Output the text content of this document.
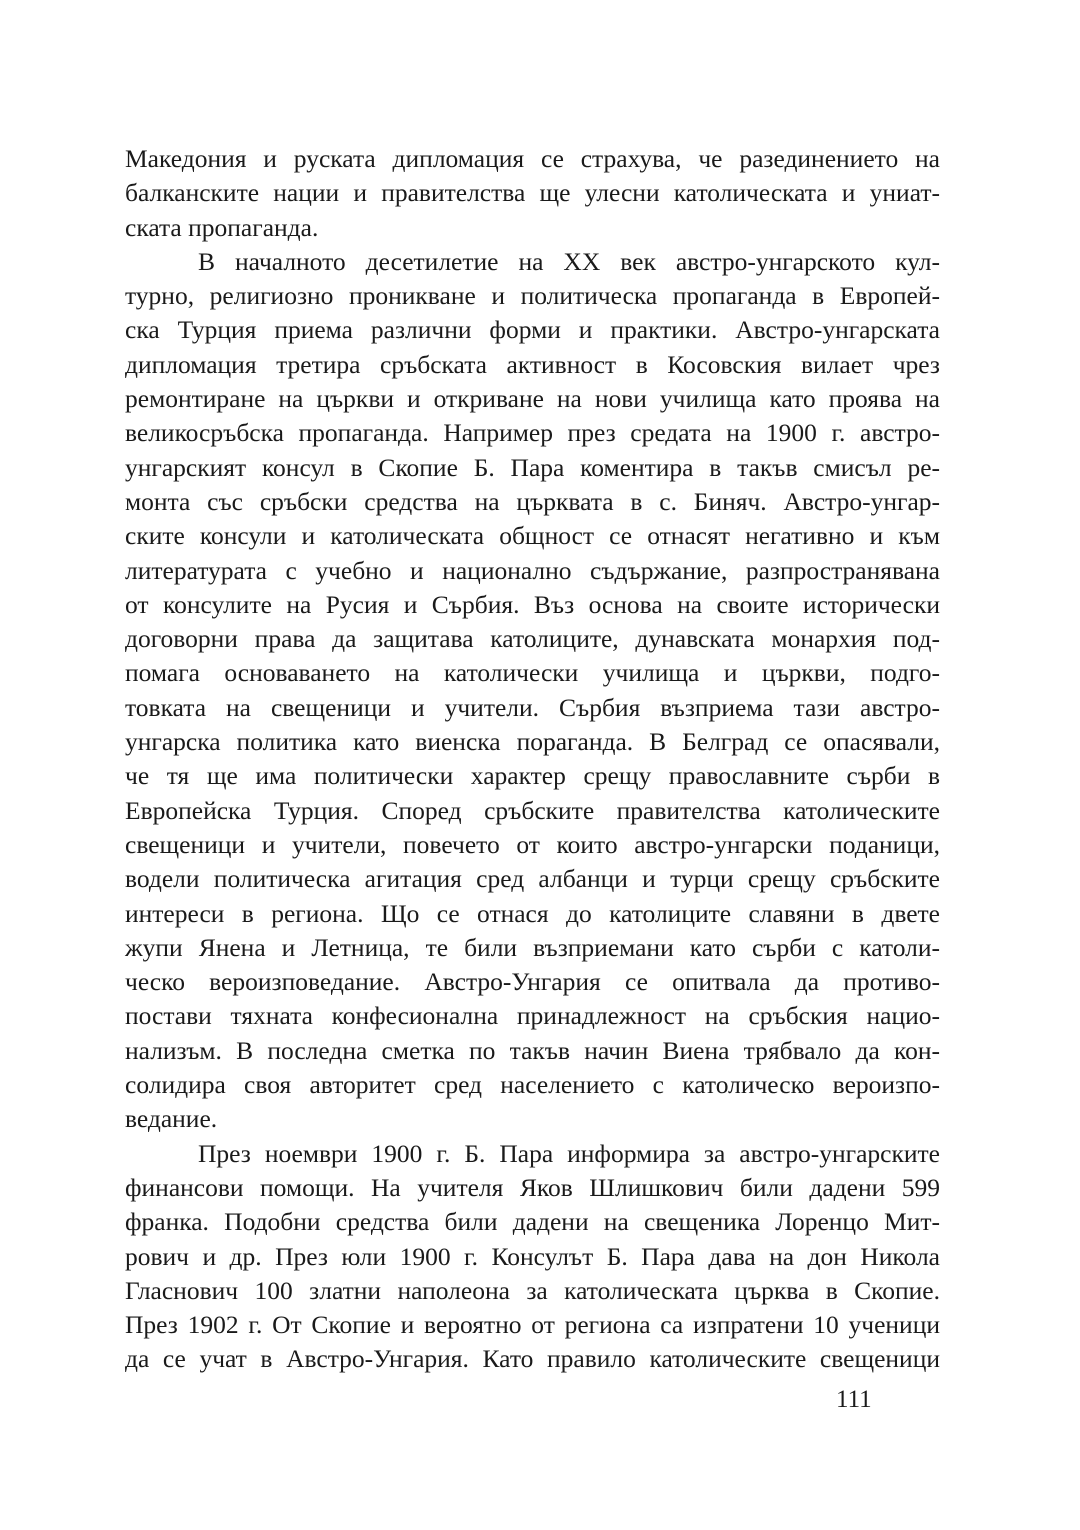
Македония и руската дипломация се страхува, че разединението на
балканските нации и правителства ще улесни католическата и униат-
ската пропаганда.
В началното десетилетие на XX век австро-унгарското кул-
турно, религиозно проникване и политическа пропаганда в Европей-
ска Турция приема различни форми и практики. Австро-унгарската
дипломация третира сръбската активност в Косовския вилает чрез
ремонтиране на църкви и откриване на нови училища като проява на
великосръбска пропаганда. Например през средата на 1900 г. австро-
унгарският консул в Скопие Б. Пара коментира в такъв смисъл ре-
монта със сръбски средства на църквата в с. Биняч. Австро-унгар-
ските консули и католическата общност се отнасят негативно и към
литературата с учебно и национално съдържание, разпространявана
от консулите на Русия и Сърбия. Въз основа на своите исторически
договорни права да защитава католиците, дунавската монархия под-
помага основаването на католически училища и църкви, подго-
товката на свещеници и учители. Сърбия възприема тази австро-
унгарска политика като виенска пораганда. В Белград се опасявали,
че тя ще има политически характер срещу православните сърби в
Европейска Турция. Според сръбските правителства католическите
свещеници и учители, повечето от които австро-унгарски поданици,
водели политическа агитация сред албанци и турци срещу сръбските
интереси в региона. Що се отнася до католиците славяни в двете
жупи Янена и Летница, те били възприемани като сърби с католи-
ческо вероизповедание. Австро-Унгария се опитвала да противо-
постави тяхната конфесионална принадлежност на сръбския нацио-
нализъм. В последна сметка по такъв начин Виена трябвало да кон-
солидира своя авторитет сред населението с католическо вероизпо-
ведание.
През ноември 1900 г. Б. Пара информира за австро-унгарските
финансови помощи. На учителя Яков Шлишкович били дадени 599
франка. Подобни средства били дадени на свещеника Лоренцо Мит-
рович и др. През юли 1900 г. Консулът Б. Пара дава на дон Никола
Гласнович 100 златни наполеона за католическата църква в Скопие.
През 1902 г. От Скопие и вероятно от региона са изпратени 10 ученици
да се учат в Австро-Унгария. Като правило католическите свещеници
111
